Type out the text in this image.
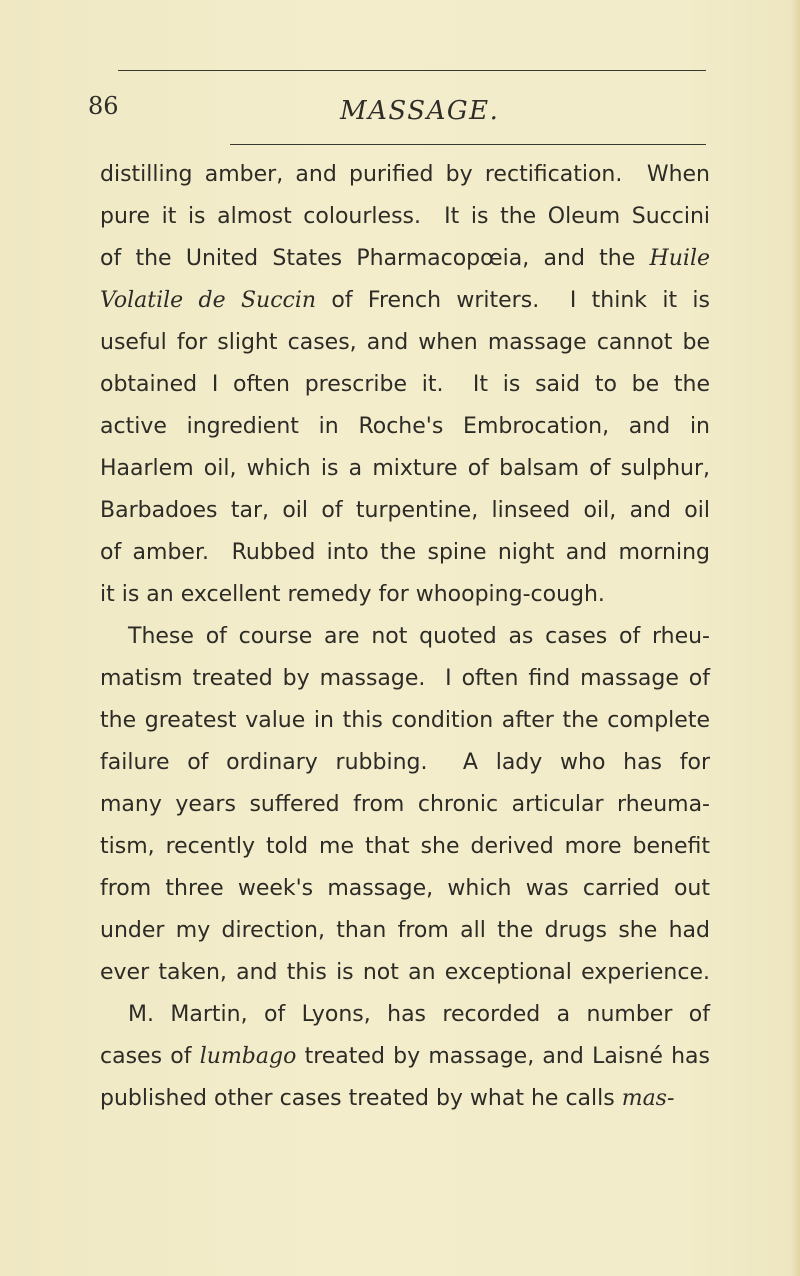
86	MASSAGE.
distilling amber, and purified by rectification.  When
pure it is almost colourless.  It is the Oleum Succini
of the United States Pharmacopœia, and the Huile
Volatile de Succin of French writers.  I think it is
useful for slight cases, and when massage cannot be
obtained I often prescribe it.  It is said to be the
active ingredient in Roche's Embrocation, and in
Haarlem oil, which is a mixture of balsam of sulphur,
Barbadoes tar, oil of turpentine, linseed oil, and oil
of amber.  Rubbed into the spine night and morning
it is an excellent remedy for whooping-cough.
These of course are not quoted as cases of rheu-
matism treated by massage.  I often find massage of
the greatest value in this condition after the complete
failure of ordinary rubbing.  A lady who has for
many years suffered from chronic articular rheuma-
tism, recently told me that she derived more benefit
from three week's massage, which was carried out
under my direction, than from all the drugs she had
ever taken, and this is not an exceptional experience.
M. Martin, of Lyons, has recorded a number of
cases of lumbago treated by massage, and Laisné has
published other cases treated by what he calls mas-
